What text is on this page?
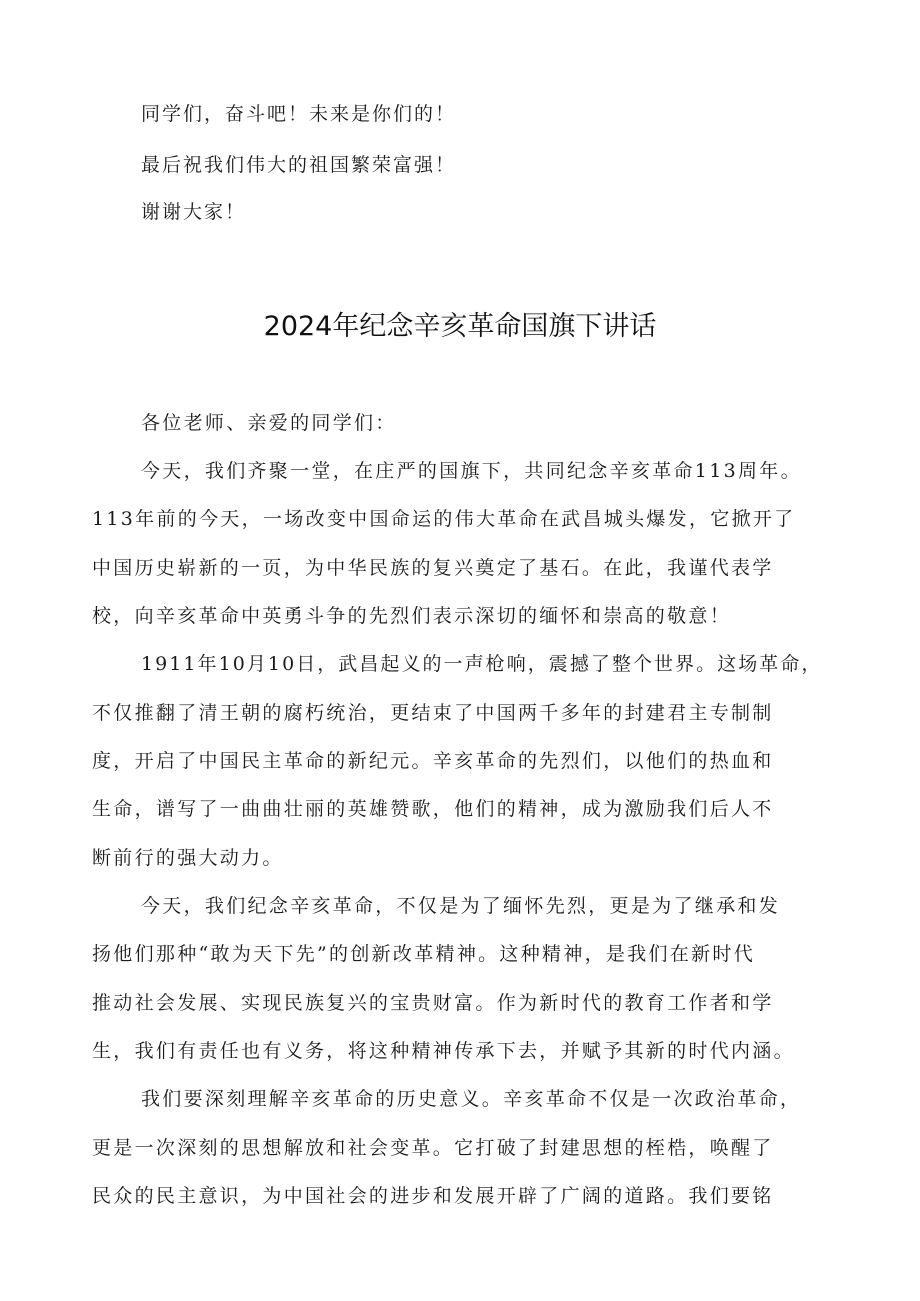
同学们，奋斗吧！未来是你们的！
最后祝我们伟大的祖国繁荣富强！
谢谢大家！
2024年纪念辛亥革命国旗下讲话
各位老师、亲爱的同学们：
今天，我们齐聚一堂，在庄严的国旗下，共同纪念辛亥革命113周年。
113年前的今天，一场改变中国命运的伟大革命在武昌城头爆发，它掀开了
中国历史崭新的一页，为中华民族的复兴奠定了基石。在此，我谨代表学
校，向辛亥革命中英勇斗争的先烈们表示深切的缅怀和崇高的敬意！
1911年10月10日，武昌起义的一声枪响，震撼了整个世界。这场革命，
不仅推翻了清王朝的腐朽统治，更结束了中国两千多年的封建君主专制制
度，开启了中国民主革命的新纪元。辛亥革命的先烈们，以他们的热血和
生命，谱写了一曲曲壮丽的英雄赞歌，他们的精神，成为激励我们后人不
断前行的强大动力。
今天，我们纪念辛亥革命，不仅是为了缅怀先烈，更是为了继承和发
扬他们那种“敢为天下先”的创新改革精神。这种精神，是我们在新时代
推动社会发展、实现民族复兴的宝贵财富。作为新时代的教育工作者和学
生，我们有责任也有义务，将这种精神传承下去，并赋予其新的时代内涵。
我们要深刻理解辛亥革命的历史意义。辛亥革命不仅是一次政治革命，
更是一次深刻的思想解放和社会变革。它打破了封建思想的桎梏，唤醒了
民众的民主意识，为中国社会的进步和发展开辟了广阔的道路。我们要铭
